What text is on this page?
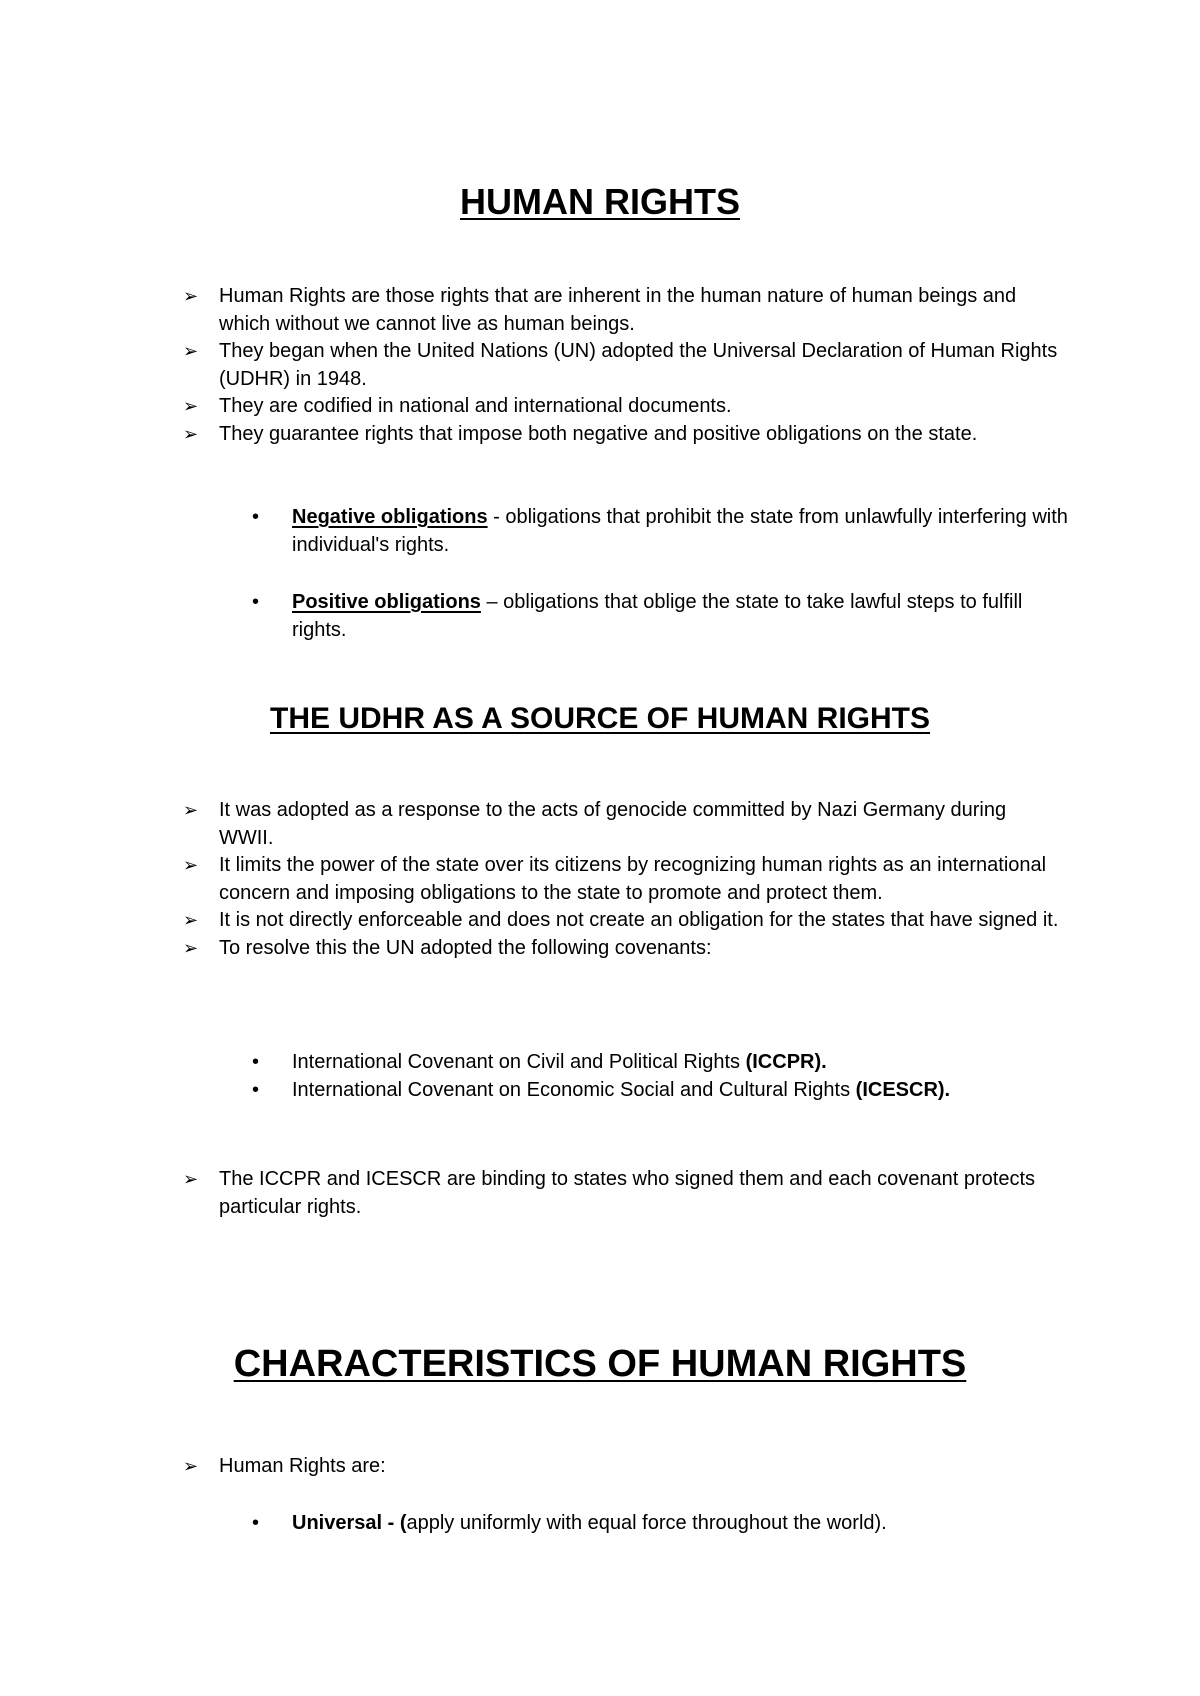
HUMAN RIGHTS
➢	Human Rights are those rights that are inherent in the human nature of human beings and which without we cannot live as human beings.
➢	They began when the United Nations (UN) adopted the Universal Declaration of Human Rights (UDHR) in 1948.
➢	They are codified in national and international documents.
➢	They guarantee rights that impose both negative and positive obligations on the state.
•	Negative obligations - obligations that prohibit the state from unlawfully interfering with individual's rights.
•	Positive obligations – obligations that oblige the state to take lawful steps to fulfill rights.
THE UDHR AS A SOURCE OF HUMAN RIGHTS
➢	It was adopted as a response to the acts of genocide committed by Nazi Germany during WWII.
➢	It limits the power of the state over its citizens by recognizing human rights as an international concern and imposing obligations to the state to promote and protect them.
➢	It is not directly enforceable and does not create an obligation for the states that have signed it.
➢	To resolve this the UN adopted the following covenants:
•	International Covenant on Civil and Political Rights (ICCPR).
•	International Covenant on Economic Social and Cultural Rights (ICESCR).
➢	The ICCPR and ICESCR are binding to states who signed them and each covenant protects particular rights.
CHARACTERISTICS OF HUMAN RIGHTS
➢	Human Rights are:
•	Universal - (apply uniformly with equal force throughout the world).
